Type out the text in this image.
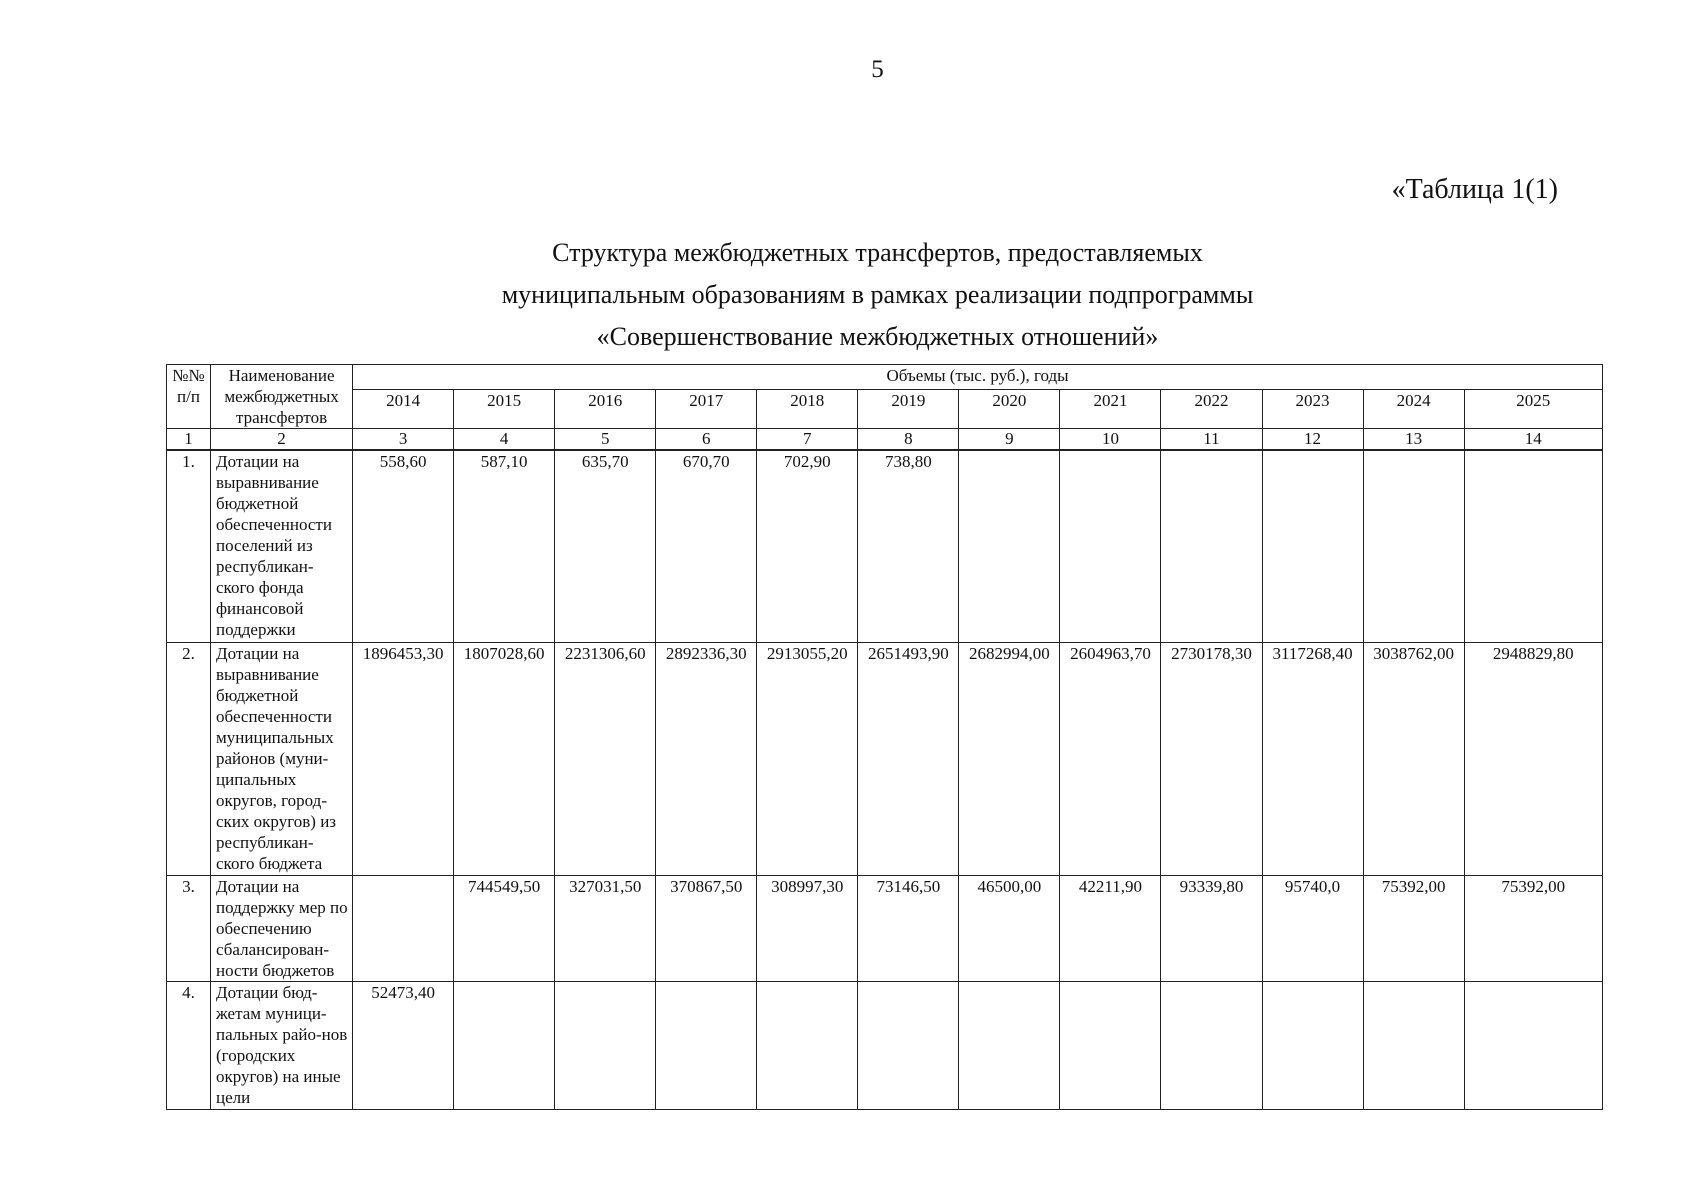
5
«Таблица 1(1)
Структура межбюджетных трансфертов, предоставляемых
муниципальным образованиям в рамках реализации подпрограммы
«Совершенствование межбюджетных отношений»
№№ п/п	Наименование межбюджетных трансфертов	Объемы (тыс. руб.), годы											
		2014	2015	2016	2017	2018	2019	2020	2021	2022	2023	2024	2025
1	2	3	4	5	6	7	8	9	10	11	12	13	14
1.	Дотации на выравнивание бюджетной обеспеченности поселений из республикан-ского фонда финансовой поддержки	558,60	587,10	635,70	670,70	702,90	738,80						
2.	Дотации на выравнивание бюджетной обеспеченности муниципальных районов (муни-ципальных округов, город-ских округов) из республикан-ского бюджета	1896453,30	1807028,60	2231306,60	2892336,30	2913055,20	2651493,90	2682994,00	2604963,70	2730178,30	3117268,40	3038762,00	2948829,80
3.	Дотации на поддержку мер по обеспечению сбалансирован-ности бюджетов		744549,50	327031,50	370867,50	308997,30	73146,50	46500,00	42211,90	93339,80	95740,0	75392,00	75392,00
4.	Дотации бюд-жетам муници-пальных райо-нов (городских округов) на иные цели	52473,40											
